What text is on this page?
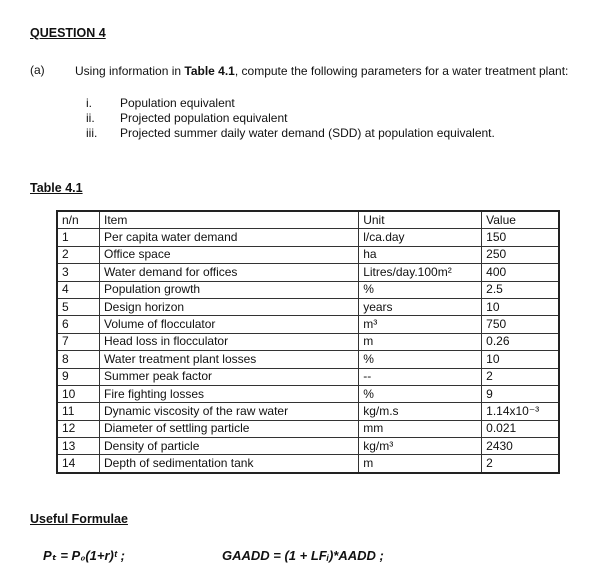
QUESTION 4
(a)	Using information in Table 4.1, compute the following parameters for a water treatment plant:
i.	Population equivalent
ii.	Projected population equivalent
iii.	Projected summer daily water demand (SDD) at population equivalent.
Table 4.1
n/n	Item	Unit	Value
1	Per capita water demand	l/ca.day	150
2	Office space	ha	250
3	Water demand for offices	Litres/day.100m²	400
4	Population growth	%	2.5
5	Design horizon	years	10
6	Volume of flocculator	m³	750
7	Head loss in flocculator	m	0.26
8	Water treatment plant losses	%	10
9	Summer peak factor	--	2
10	Fire fighting losses	%	9
11	Dynamic viscosity of the raw water	kg/m.s	1.14x10⁻³
12	Diameter of settling particle	mm	0.021
13	Density of particle	kg/m³	2430
14	Depth of sedimentation tank	m	2
Useful Formulae
Pₜ = P₀(1+r)ᵗ ;	GAADD = (1 + LFᵢ)*AADD ;
